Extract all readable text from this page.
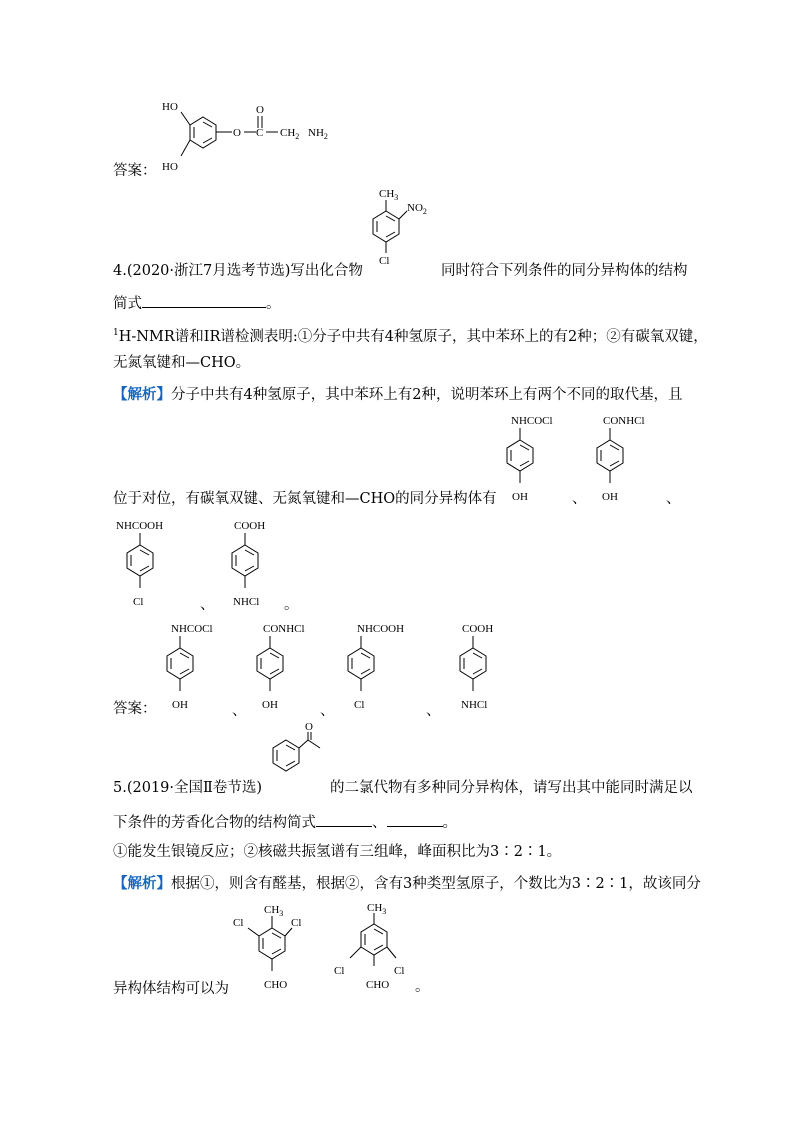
HO
HO
O
O
C $CH_2$ $NH_2$
答案：
$CH_3$
$NO_2$
Cl
4.(2020·浙江7月选考节选)写出化合物	同时符合下列条件的同分异构体的结构
简式	。
$^1$H-NMR谱和IR谱检测表明:①分子中共有4种氢原子，其中苯环上的有2种；②有碳氧双键，
无氮氧键和—CHO。
【解析】分子中共有4种氢原子，其中苯环上有2种，说明苯环上有两个不同的取代基，且
NHCOCl
OH
CONHCl
OH
位于对位，有碳氧双键、无氮氧键和—CHO的同分异构体有	、	、
NHCOOH
Cl
COOH
NHCl
、	。
NHCOCl
OH
CONHCl
OH
NHCOOH
Cl
COOH
NHCl
答案：	、	、	、
O
5.(2019·全国Ⅱ卷节选)	的二氯代物有多种同分异构体，请写出其中能同时满足以
下条件的芳香化合物的结构简式	、	。
①能发生银镜反应；②核磁共振氢谱有三组峰，峰面积比为3∶2∶1。
【解析】根据①，则含有醛基，根据②，含有3种类型氢原子，个数比为3∶2∶1，故该同分
$CH_3$
Cl	Cl
CHO
$CH_3$
Cl	Cl
CHO
异构体结构可以为	。
